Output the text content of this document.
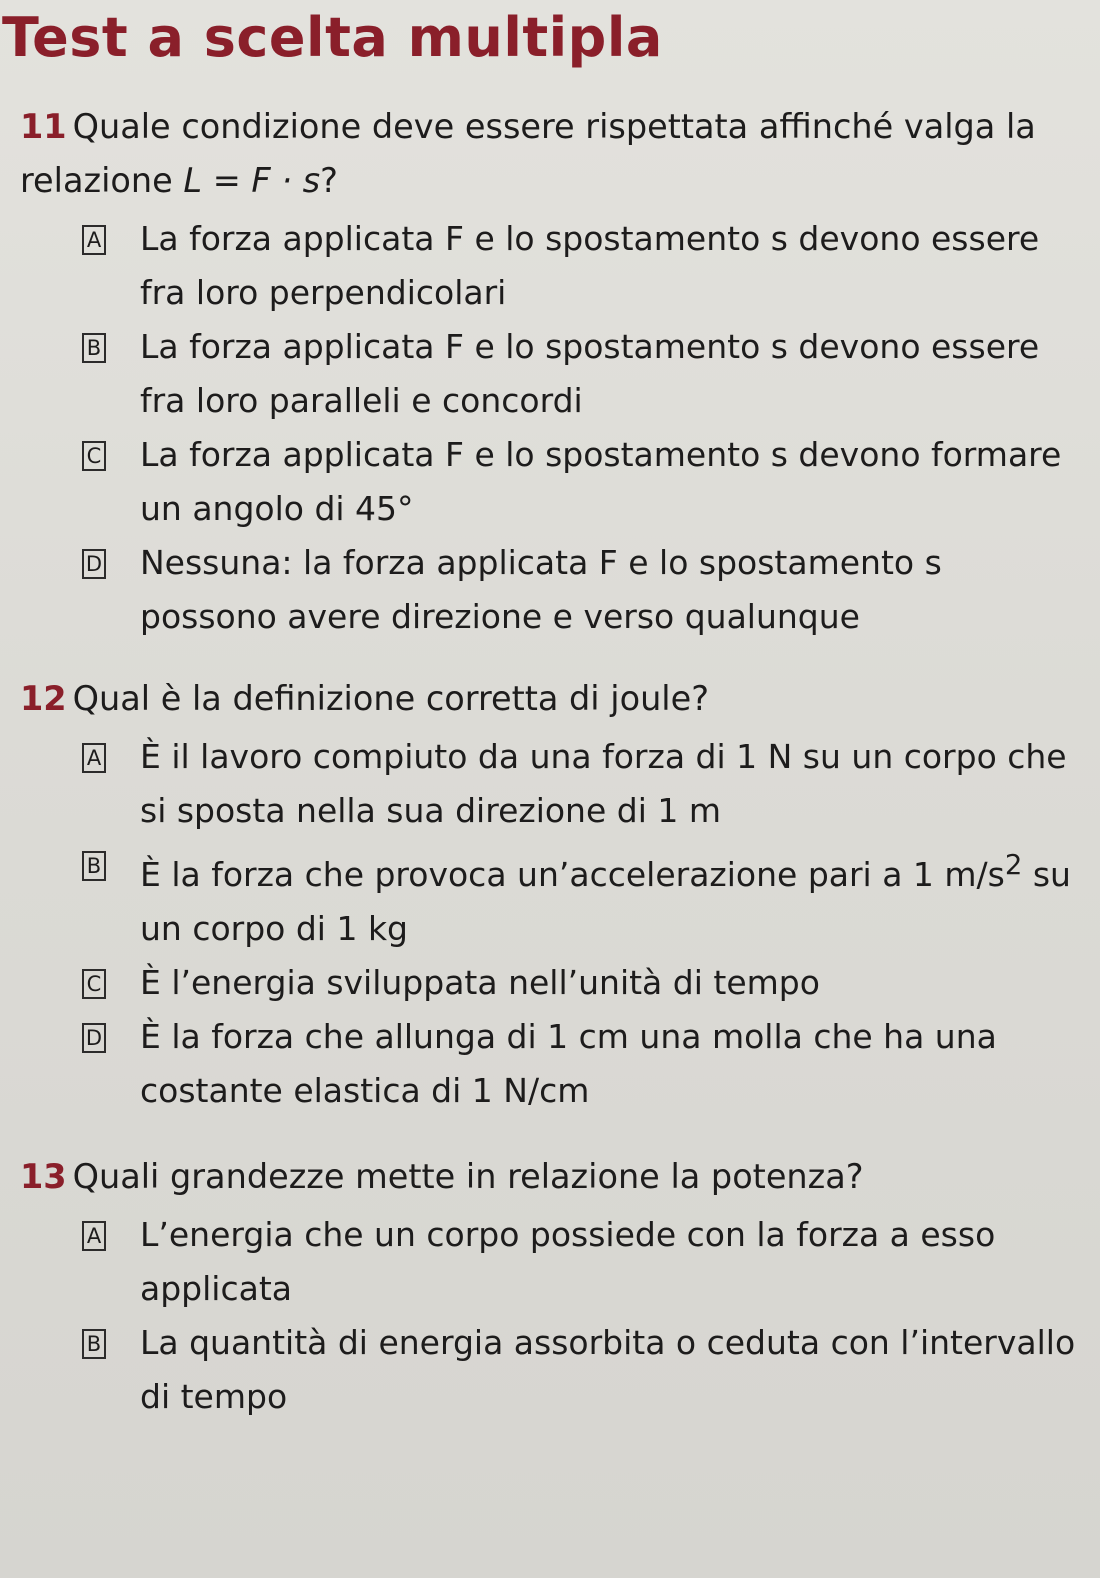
Test a scelta multipla
11 Quale condizione deve essere rispettata affinché valga la relazione L = F · s?
A La forza applicata F e lo spostamento s devono essere fra loro perpendicolari
B La forza applicata F e lo spostamento s devono essere fra loro paralleli e concordi
C La forza applicata F e lo spostamento s devono formare un angolo di 45°
D Nessuna: la forza applicata F e lo spostamento s possono avere direzione e verso qualunque
12 Qual è la definizione corretta di joule?
A È il lavoro compiuto da una forza di 1 N su un corpo che si sposta nella sua direzione di 1 m
B È la forza che provoca un’accelerazione pari a 1 $m/s^2$ su un corpo di 1 kg
C È l’energia sviluppata nell’unità di tempo
D È la forza che allunga di 1 cm una molla che ha una costante elastica di 1 N/cm
13 Quali grandezze mette in relazione la potenza?
A L’energia che un corpo possiede con la forza a esso applicata
B La quantità di energia assorbita o ceduta con l’intervallo di tempo
